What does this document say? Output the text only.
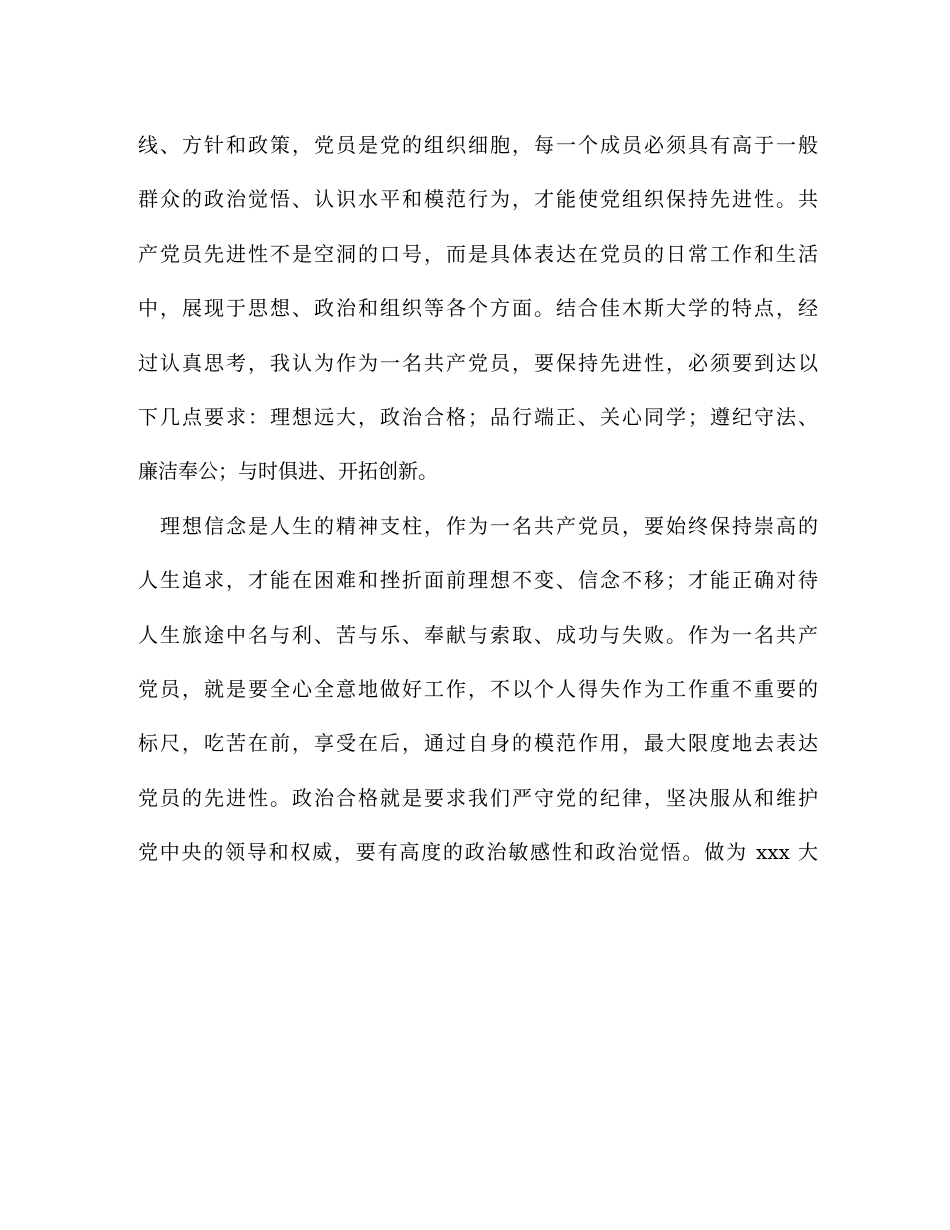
线、方针和政策，党员是党的组织细胞，每一个成员必须具有高于一般
群众的政治觉悟、认识水平和模范行为，才能使党组织保持先进性。共
产党员先进性不是空洞的口号，而是具体表达在党员的日常工作和生活
中，展现于思想、政治和组织等各个方面。结合佳木斯大学的特点，经
过认真思考，我认为作为一名共产党员，要保持先进性，必须要到达以
下几点要求：理想远大，政治合格；品行端正、关心同学；遵纪守法、
廉洁奉公；与时俱进、开拓创新。
理想信念是人生的精神支柱，作为一名共产党员，要始终保持崇高的
人生追求，才能在困难和挫折面前理想不变、信念不移；才能正确对待
人生旅途中名与利、苦与乐、奉献与索取、成功与失败。作为一名共产
党员，就是要全心全意地做好工作，不以个人得失作为工作重不重要的
标尺，吃苦在前，享受在后，通过自身的模范作用，最大限度地去表达
党员的先进性。政治合格就是要求我们严守党的纪律，坚决服从和维护
党中央的领导和权威，要有高度的政治敏感性和政治觉悟。做为 xxx 大
